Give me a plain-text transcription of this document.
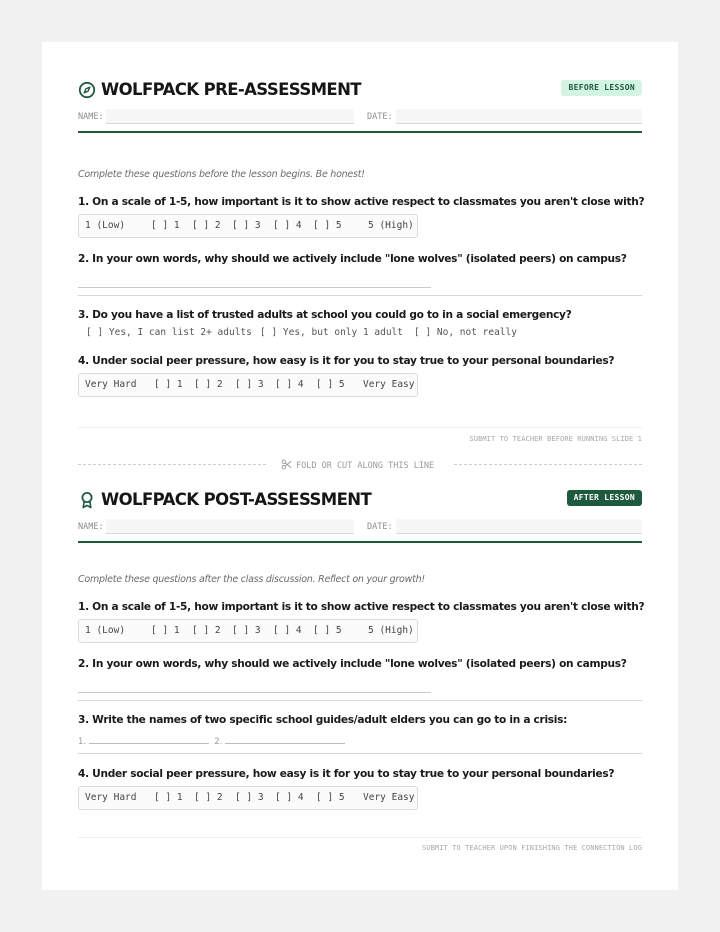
WOLFPACK PRE-ASSESSMENT	BEFORE LESSON
NAME:	DATE:
Complete these questions before the lesson begins. Be honest!
1. On a scale of 1-5, how important is it to show active respect to classmates you aren't close with?
1 (Low)	[ ] 1 [ ] 2 [ ] 3 [ ] 4 [ ] 5	5 (High)
2. In your own words, why should we actively include "lone wolves" (isolated peers) on campus?
3. Do you have a list of trusted adults at school you could go to in a social emergency?

[ ] Yes, I can list 2+ adults

[ ] Yes, but only 1 adult

[ ] No, not really

4. Under social peer pressure, how easy is it for you to stay true to your personal boundaries?
Very Hard [ ] 1 [ ] 2 [ ] 3 [ ] 4 [ ] 5 Very Easy
SUBMIT TO TEACHER BEFORE RUNNING SLIDE 1
FOLD OR CUT ALONG THIS LINE
WOLFPACK POST-ASSESSMENT	AFTER LESSON
NAME:	DATE:
Complete these questions after the class discussion. Reflect on your growth!
1. On a scale of 1-5, how important is it to show active respect to classmates you aren't close with?
1 (Low)	[ ] 1 [ ] 2 [ ] 3 [ ] 4 [ ] 5	5 (High)
2. In your own words, why should we actively include "lone wolves" (isolated peers) on campus?
3. Write the names of two specific school guides/adult elders you can go to in a crisis:
1.	2.
4. Under social peer pressure, how easy is it for you to stay true to your personal boundaries?
Very Hard [ ] 1 [ ] 2 [ ] 3 [ ] 4 [ ] 5 Very Easy
SUBMIT TO TEACHER UPON FINISHING THE CONNECTION LOG
